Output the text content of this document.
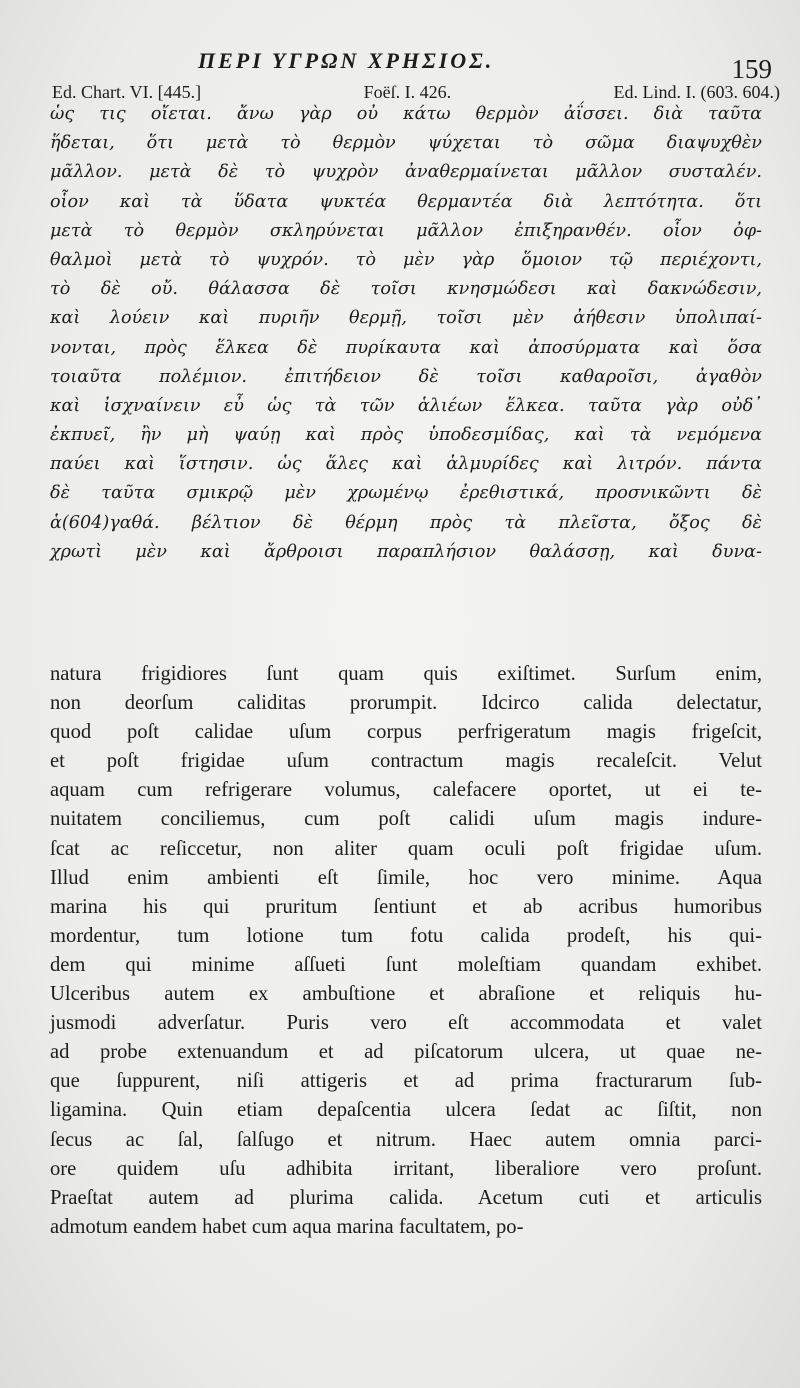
ΠΕΡΙ ΥΓΡΩΝ ΧΡΗΣΙΟΣ.	159
Ed. Chart. VI. [445.]	Foëſ. I. 426.	Ed. Lind. I. (603. 604.)
ὡς τις οἴεται. ἄνω γὰρ οὐ κάτω θερμὸν ἀΐσσει. διὰ ταῦτα
ἥδεται, ὅτι μετὰ τὸ θερμὸν ψύχεται τὸ σῶμα διαψυχθὲν
μᾶλλον. μετὰ δὲ τὸ ψυχρὸν ἀναθερμαίνεται μᾶλλον συσταλέν.
οἷον καὶ τὰ ὕδατα ψυκτέα θερμαντέα διὰ λεπτότητα. ὅτι
μετὰ τὸ θερμὸν σκληρύνεται μᾶλλον ἐπιξηρανθέν. οἷον ὀφ-
θαλμοὶ μετὰ τὸ ψυχρόν. τὸ μὲν γὰρ ὅμοιον τῷ περιέχοντι,
τὸ δὲ οὔ. θάλασσα δὲ τοῖσι κνησμώδεσι καὶ δακνώδεσιν,
καὶ λούειν καὶ πυριῆν θερμῇ, τοῖσι μὲν ἀήθεσιν ὑπολιπαί-
νονται, πρὸς ἕλκεα δὲ πυρίκαυτα καὶ ἀποσύρματα καὶ ὅσα
τοιαῦτα πολέμιον. ἐπιτήδειον δὲ τοῖσι καθαροῖσι, ἀγαθὸν
καὶ ἰσχναίνειν εὖ ὡς τὰ τῶν ἁλιέων ἕλκεα. ταῦτα γὰρ οὐδ᾽
ἐκπυεῖ, ἢν μὴ ψαύῃ καὶ πρὸς ὑποδεσμίδας, καὶ τὰ νεμόμενα
παύει καὶ ἵστησιν. ὡς ἅλες καὶ ἁλμυρίδες καὶ λιτρόν. πάντα
δὲ ταῦτα σμικρῷ μὲν χρωμένῳ ἐρεθιστικά, προσνικῶντι δὲ
ἁ(604)γαθά. βέλτιον δὲ θέρμη πρὸς τὰ πλεῖστα, ὄξος δὲ
χρωτὶ μὲν καὶ ἄρθροισι παραπλήσιον θαλάσσῃ, καὶ δυνα-
natura frigidiores ſunt quam quis exiſtimet. Surſum enim,
non deorſum caliditas prorumpit. Idcirco calida delectatur,
quod poſt calidae uſum corpus perfrigeratum magis frigeſcit,
et poſt frigidae uſum contractum magis recaleſcit. Velut
aquam cum refrigerare volumus, calefacere oportet, ut ei te-
nuitatem conciliemus, cum poſt calidi uſum magis indure-
ſcat ac reſiccetur, non aliter quam oculi poſt frigidae uſum.
Illud enim ambienti eſt ſimile, hoc vero minime. Aqua
marina his qui pruritum ſentiunt et ab acribus humoribus
mordentur, tum lotione tum fotu calida prodeſt, his qui-
dem qui minime aſſueti ſunt moleſtiam quandam exhibet.
Ulceribus autem ex ambuſtione et abraſione et reliquis hu-
jusmodi adverſatur. Puris vero eſt accommodata et valet
ad probe extenuandum et ad piſcatorum ulcera, ut quae ne-
que ſuppurent, niſi attigeris et ad prima fracturarum ſub-
ligamina. Quin etiam depaſcentia ulcera ſedat ac ſiſtit, non
ſecus ac ſal, ſalſugo et nitrum. Haec autem omnia parci-
ore quidem uſu adhibita irritant, liberaliore vero proſunt.
Praeſtat autem ad plurima calida. Acetum cuti et articulis
admotum eandem habet cum aqua marina facultatem, po-
